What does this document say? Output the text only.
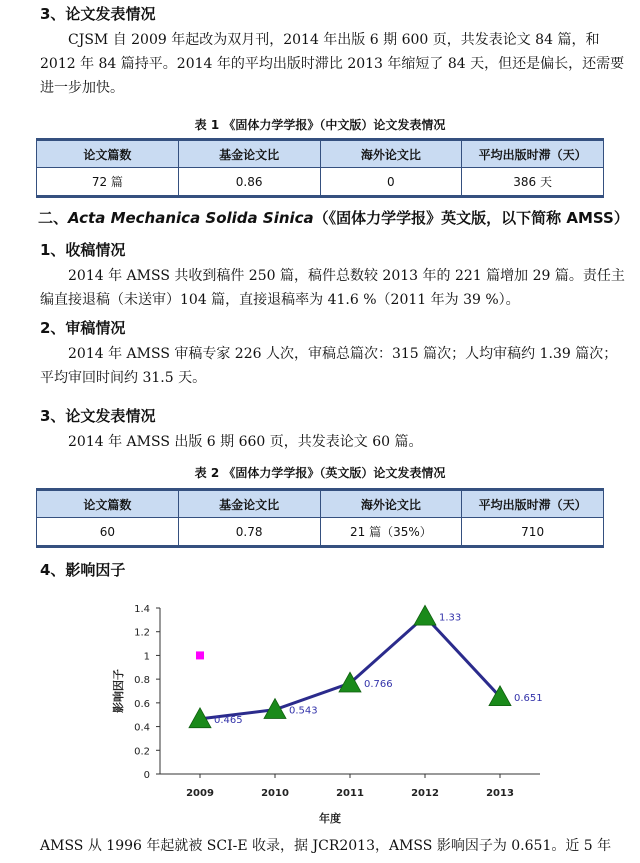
3、论文发表情况
CJSM 自 2009 年起改为双月刊，2014 年出版 6 期 600 页，共发表论文 84 篇，和 2012 年 84 篇持平。2014 年的平均出版时滞比 2013 年缩短了 84 天，但还是偏长，还需要进一步加快。
表 1 《固体力学学报》（中文版）论文发表情况
论文篇数	基金论文比	海外论文比	平均出版时滞（天）
72 篇	0.86	0	386 天
二、Acta Mechanica Solida Sinica（《固体力学学报》英文版，以下简称 AMSS）
1、收稿情况
2014 年 AMSS 共收到稿件 250 篇，稿件总数较 2013 年的 221 篇增加 29 篇。责任主编直接退稿（未送审）104 篇，直接退稿率为 41.6 %（2011 年为 39 %）。
2、审稿情况
2014 年 AMSS 审稿专家 226 人次，审稿总篇次：315 篇次；人均审稿约 1.39 篇次；平均审回时间约 31.5 天。
3、论文发表情况
2014 年 AMSS 出版 6 期 660 页，共发表论文 60 篇。
表 2 《固体力学学报》（英文版）论文发表情况
论文篇数	基金论文比	海外论文比	平均出版时滞（天）
60	0.78	21 篇（35%）	710
4、影响因子
0
0.2
0.4
0.6
0.8
1
1.2
1.4
2009	2010	2011	2012	2013
年度
影响因子
0.465
0.543
0.766
1.33
0.651
AMSS 从 1996 年起就被 SCI-E 收录，据 JCR2013，AMSS 影响因子为 0.651。近 5 年
